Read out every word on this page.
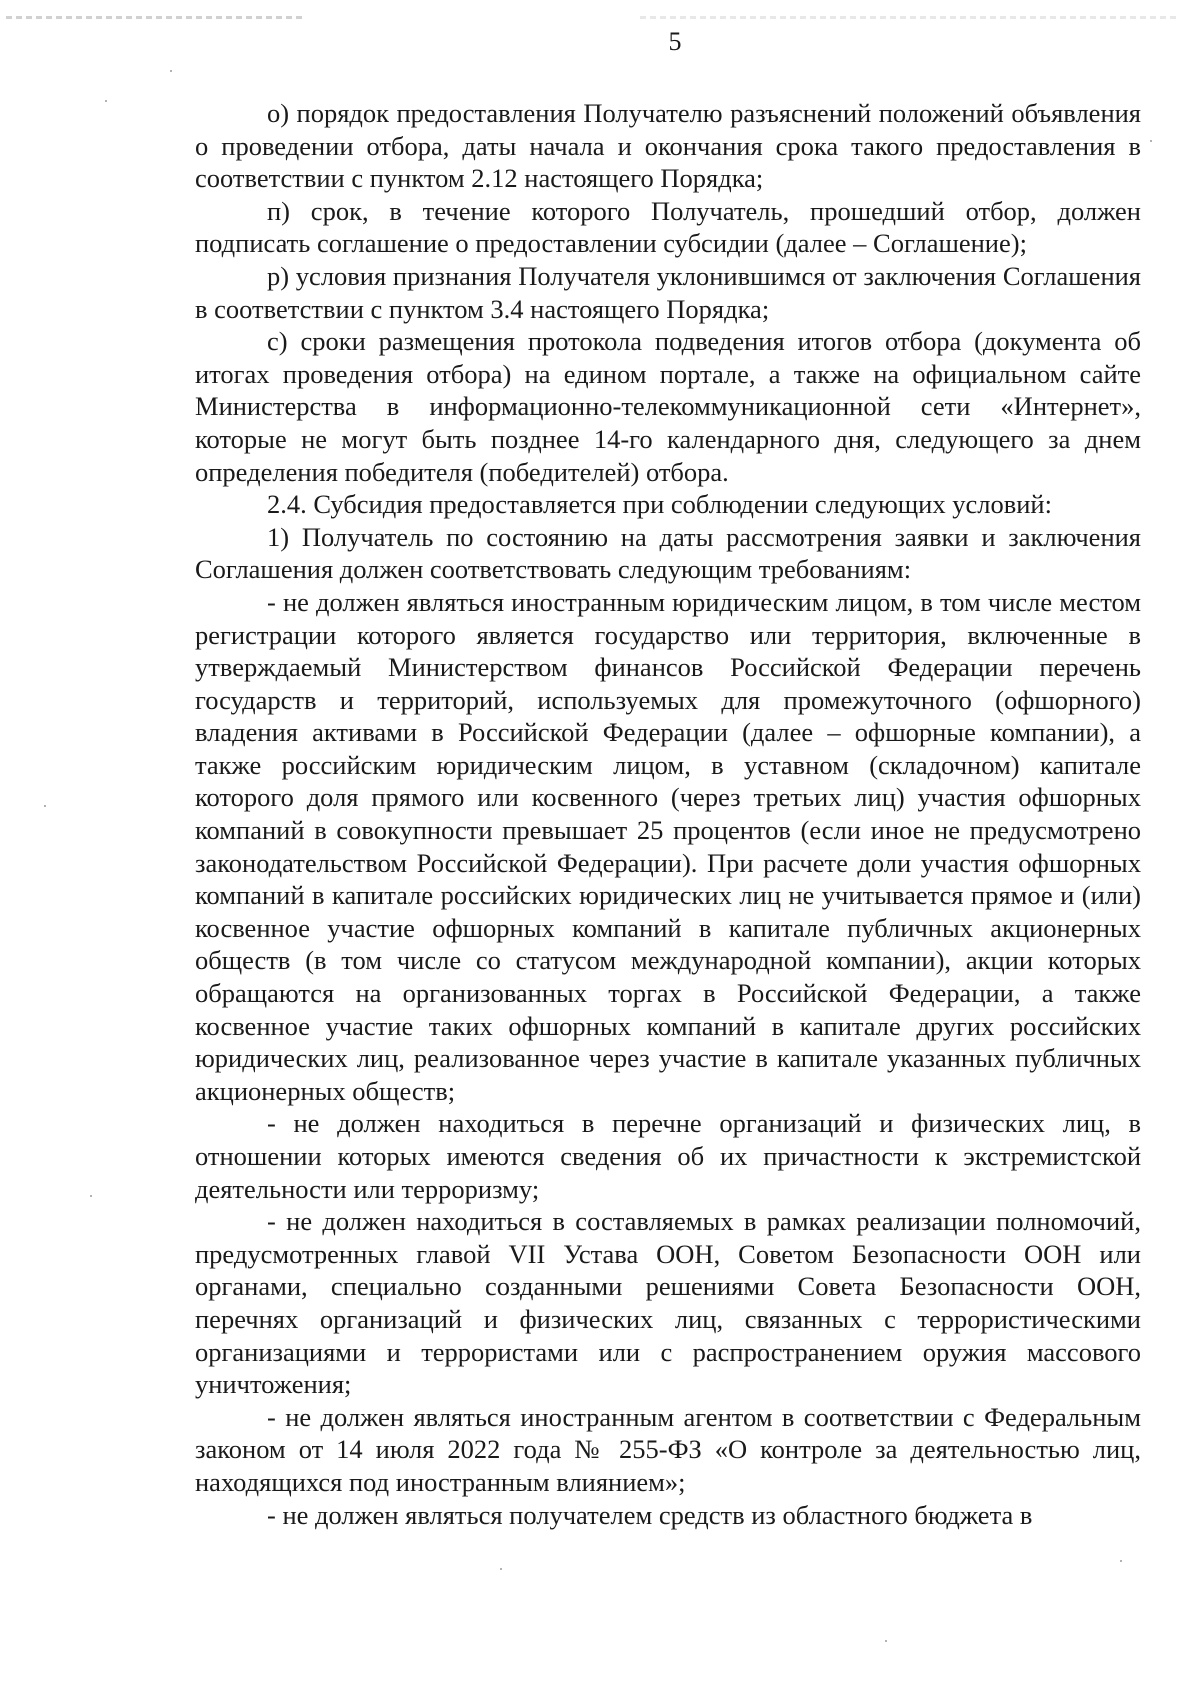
5

о) порядок предоставления Получателю разъяснений положений объявления о проведении отбора, даты начала и окончания срока такого предоставления в соответствии с пунктом 2.12 настоящего Порядка;

п) срок, в течение которого Получатель, прошедший отбор, должен подписать соглашение о предоставлении субсидии (далее – Соглашение);

р) условия признания Получателя уклонившимся от заключения Соглашения в соответствии с пунктом 3.4 настоящего Порядка;

с) сроки размещения протокола подведения итогов отбора (документа об итогах проведения отбора) на едином портале, а также на официальном сайте Министерства в информационно-телекоммуникационной сети «Интернет», которые не могут быть позднее 14-го календарного дня, следующего за днем определения победителя (победителей) отбора.

2.4. Субсидия предоставляется при соблюдении следующих условий:

1) Получатель по состоянию на даты рассмотрения заявки и заключения Соглашения должен соответствовать следующим требованиям:

- не должен являться иностранным юридическим лицом, в том числе местом регистрации которого является государство или территория, включенные в утверждаемый Министерством финансов Российской Федерации перечень государств и территорий, используемых для промежуточного (офшорного) владения активами в Российской Федерации (далее – офшорные компании), а также российским юридическим лицом, в уставном (складочном) капитале которого доля прямого или косвенного (через третьих лиц) участия офшорных компаний в совокупности превышает 25 процентов (если иное не предусмотрено законодательством Российской Федерации). При расчете доли участия офшорных компаний в капитале российских юридических лиц не учитывается прямое и (или) косвенное участие офшорных компаний в капитале публичных акционерных обществ (в том числе со статусом международной компании), акции которых обращаются на организованных торгах в Российской Федерации, а также косвенное участие таких офшорных компаний в капитале других российских юридических лиц, реализованное через участие в капитале указанных публичных акционерных обществ;

- не должен находиться в перечне организаций и физических лиц, в отношении которых имеются сведения об их причастности к экстремистской деятельности или терроризму;

- не должен находиться в составляемых в рамках реализации полномочий, предусмотренных главой VII Устава ООН, Советом Безопасности ООН или органами, специально созданными решениями Совета Безопасности ООН, перечнях организаций и физических лиц, связанных с террористическими организациями и террористами или с распространением оружия массового уничтожения;

- не должен являться иностранным агентом в соответствии с Федеральным законом от 14 июля 2022 года № 255-ФЗ «О контроле за деятельностью лиц, находящихся под иностранным влиянием»;

- не должен являться получателем средств из областного бюджета в
